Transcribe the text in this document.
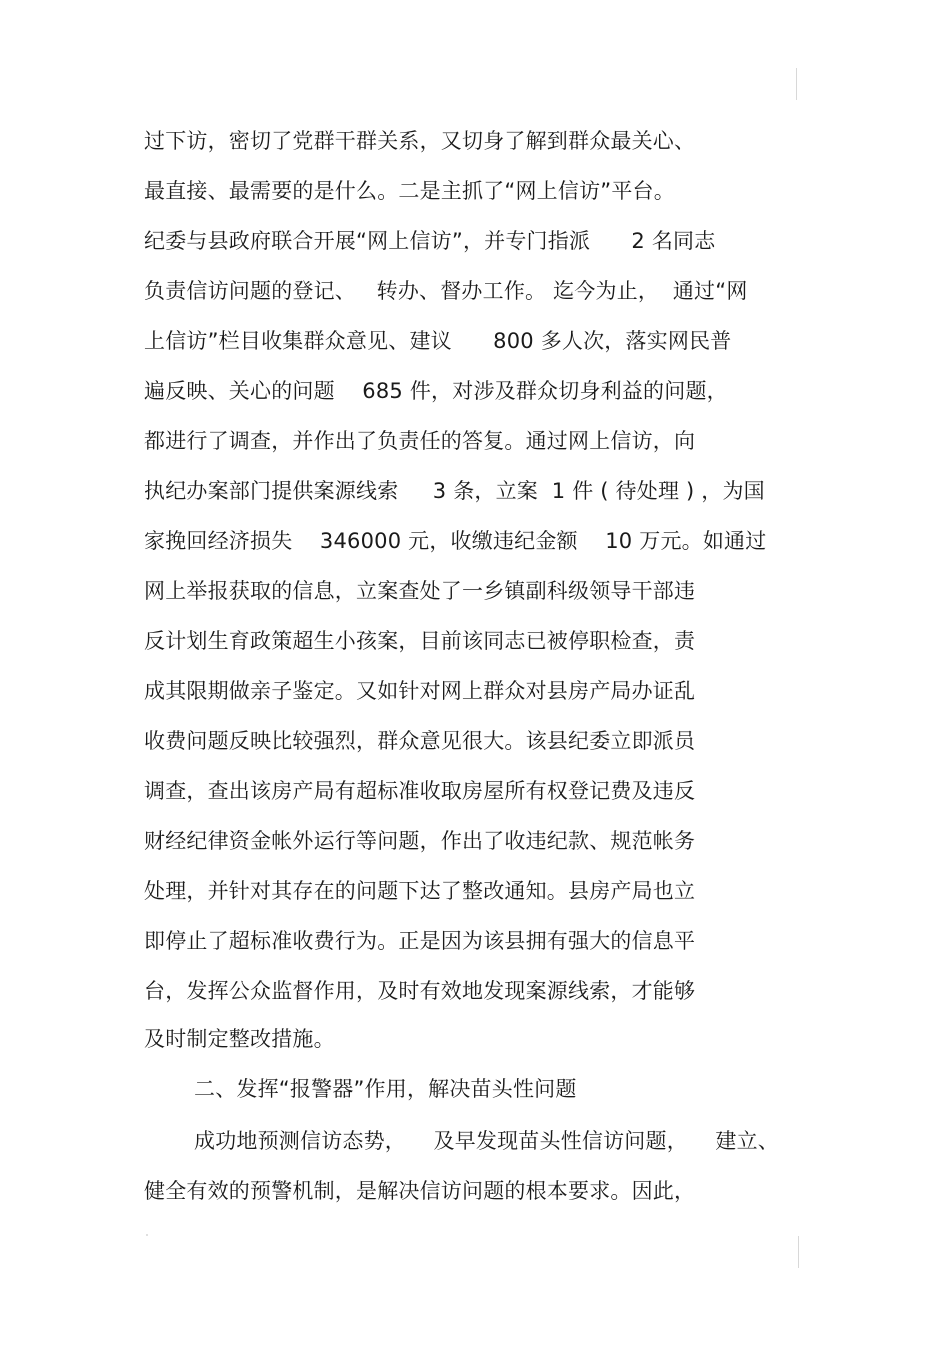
过下访，密切了党群干群关系，又切身了解到群众最关心、
最直接、最需要的是什么。二是主抓了“网上信访”平台。
纪委与县政府联合开展“网上信访”，并专门指派      2 名同志
负责信访问题的登记、   转办、督办工作。 迄今为止，  通过“网
上信访”栏目收集群众意见、建议      800 多人次，落实网民普
遍反映、关心的问题    685 件，对涉及群众切身利益的问题，
都进行了调查，并作出了负责任的答复。通过网上信访，向
执纪办案部门提供案源线索     3 条，立案  1 件 ( 待处理 ) ，为国
家挽回经济损失    346000 元，收缴违纪金额    10 万元。如通过
网上举报获取的信息，立案查处了一乡镇副科级领导干部违
反计划生育政策超生小孩案，目前该同志已被停职检查，责
成其限期做亲子鉴定。又如针对网上群众对县房产局办证乱
收费问题反映比较强烈，群众意见很大。该县纪委立即派员
调查，查出该房产局有超标准收取房屋所有权登记费及违反
财经纪律资金帐外运行等问题，作出了收违纪款、规范帐务
处理，并针对其存在的问题下达了整改通知。县房产局也立
即停止了超标准收费行为。正是因为该县拥有强大的信息平
台，发挥公众监督作用，及时有效地发现案源线索，才能够
及时制定整改措施。
二、发挥“报警器”作用，解决苗头性问题
成功地预测信访态势，    及早发现苗头性信访问题，    建立、
健全有效的预警机制，是解决信访问题的根本要求。因此，
